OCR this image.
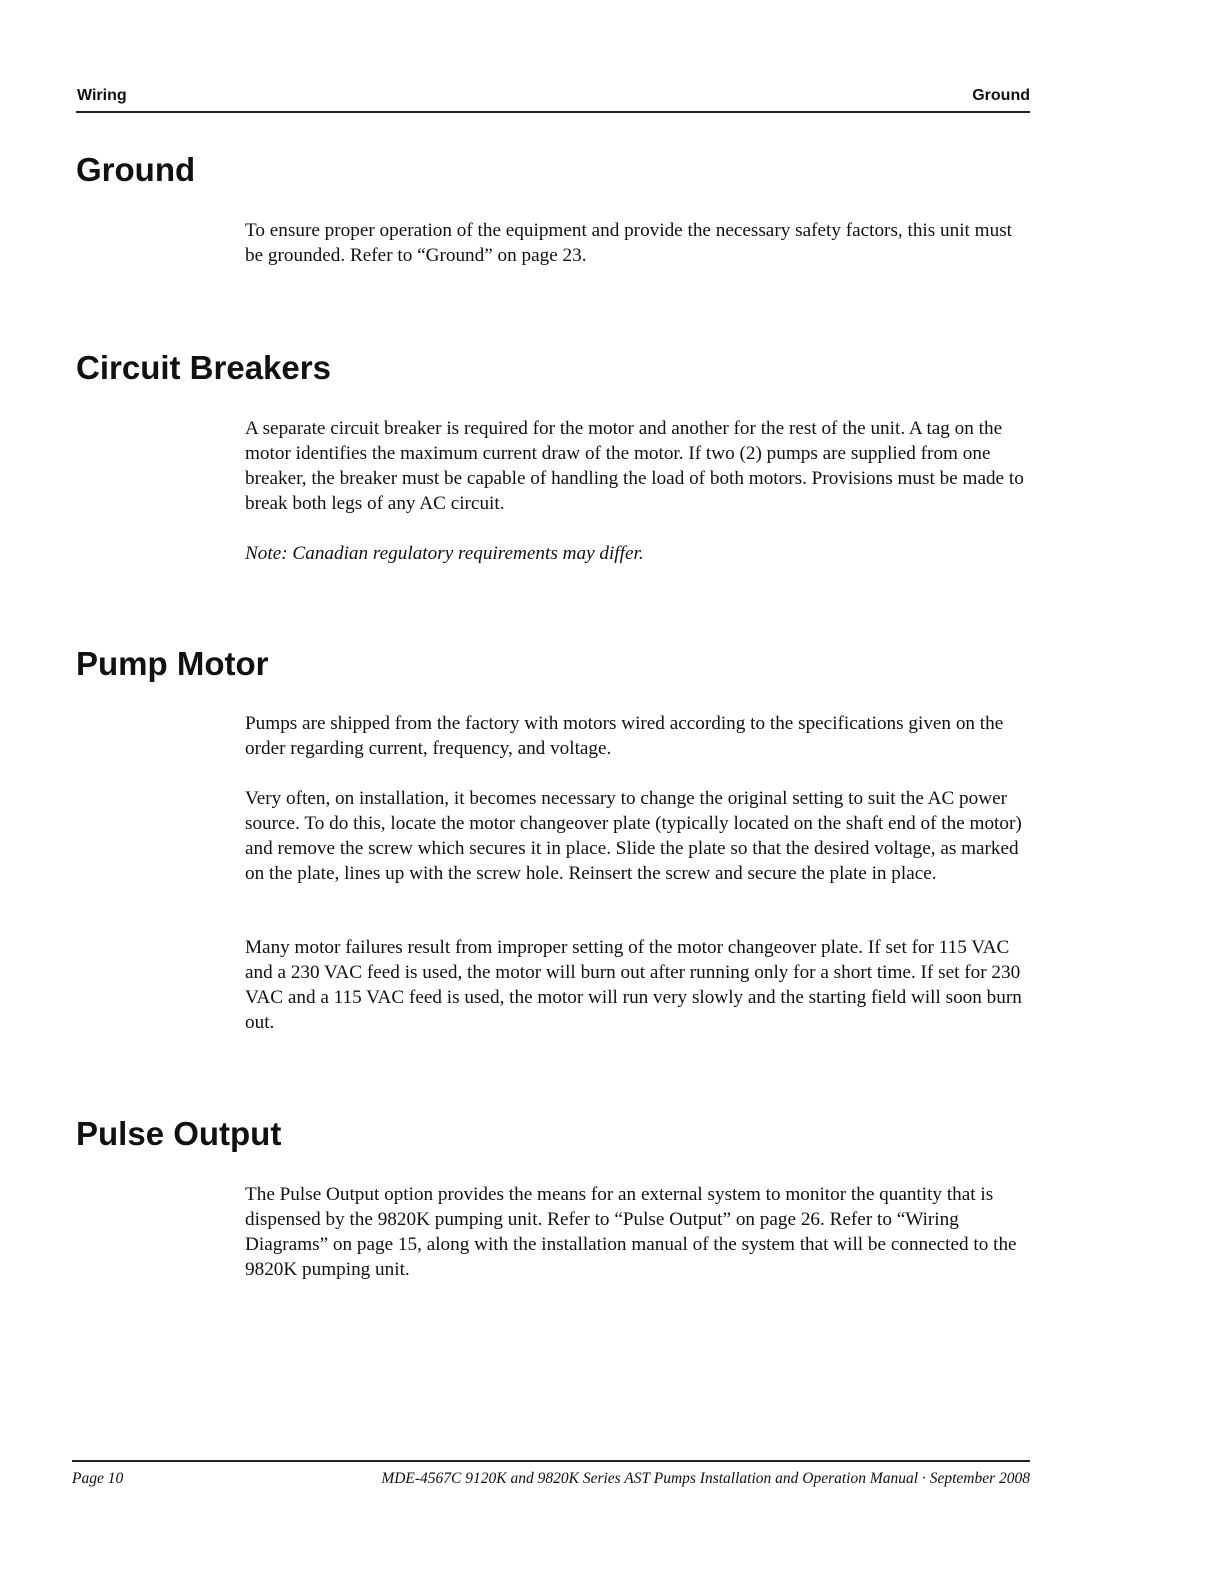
Wiring	Ground
Ground

To ensure proper operation of the equipment and provide the necessary safety factors, this unit must be grounded. Refer to “Ground” on page 23.

Circuit Breakers

A separate circuit breaker is required for the motor and another for the rest of the unit. A tag on the motor identifies the maximum current draw of the motor. If two (2) pumps are supplied from one breaker, the breaker must be capable of handling the load of both motors. Provisions must be made to break both legs of any AC circuit.

Note: Canadian regulatory requirements may differ.

Pump Motor

Pumps are shipped from the factory with motors wired according to the specifications given on the order regarding current, frequency, and voltage.

Very often, on installation, it becomes necessary to change the original setting to suit the AC power source. To do this, locate the motor changeover plate (typically located on the shaft end of the motor) and remove the screw which secures it in place. Slide the plate so that the desired voltage, as marked on the plate, lines up with the screw hole. Reinsert the screw and secure the plate in place.

Many motor failures result from improper setting of the motor changeover plate. If set for 115 VAC and a 230 VAC feed is used, the motor will burn out after running only for a short time. If set for 230 VAC and a 115 VAC feed is used, the motor will run very slowly and the starting field will soon burn out.

Pulse Output

The Pulse Output option provides the means for an external system to monitor the quantity that is dispensed by the 9820K pumping unit. Refer to “Pulse Output” on page 26. Refer to “Wiring Diagrams” on page 15, along with the installation manual of the system that will be connected to the 9820K pumping unit.

Page 10	MDE-4567C 9120K and 9820K Series AST Pumps Installation and Operation Manual · September 2008
